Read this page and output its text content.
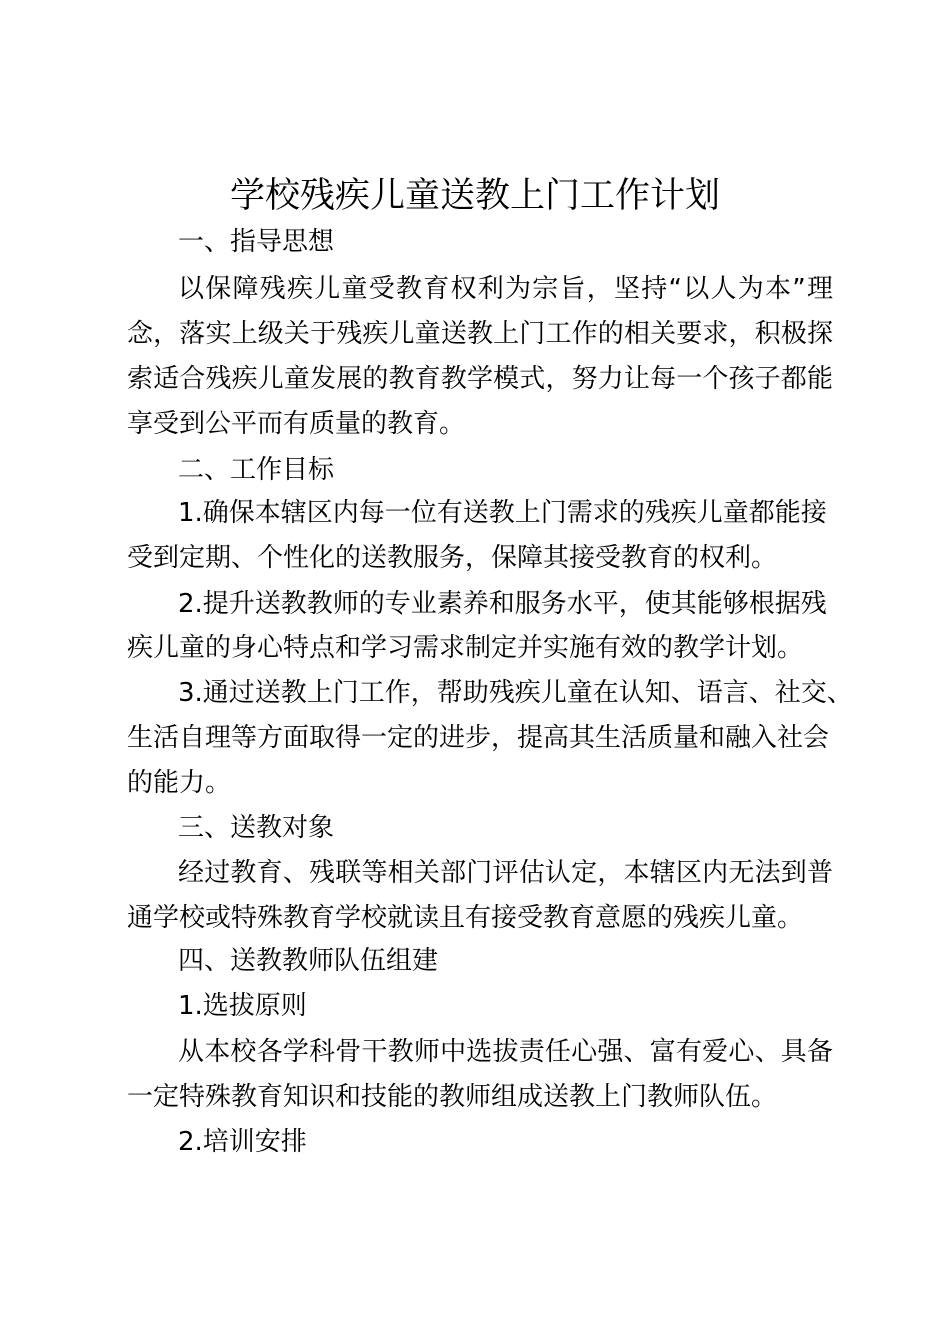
学校残疾儿童送教上门工作计划

一、指导思想

以保障残疾儿童受教育权利为宗旨，坚持“以人为本”理

念，落实上级关于残疾儿童送教上门工作的相关要求，积极探

索适合残疾儿童发展的教育教学模式，努力让每一个孩子都能

享受到公平而有质量的教育。

二、工作目标

1.确保本辖区内每一位有送教上门需求的残疾儿童都能接

受到定期、个性化的送教服务，保障其接受教育的权利。

2.提升送教教师的专业素养和服务水平，使其能够根据残

疾儿童的身心特点和学习需求制定并实施有效的教学计划。

3.通过送教上门工作，帮助残疾儿童在认知、语言、社交、

生活自理等方面取得一定的进步，提高其生活质量和融入社会

的能力。

三、送教对象

经过教育、残联等相关部门评估认定，本辖区内无法到普

通学校或特殊教育学校就读且有接受教育意愿的残疾儿童。

四、送教教师队伍组建

1.选拔原则

从本校各学科骨干教师中选拔责任心强、富有爱心、具备

一定特殊教育知识和技能的教师组成送教上门教师队伍。

2.培训安排
